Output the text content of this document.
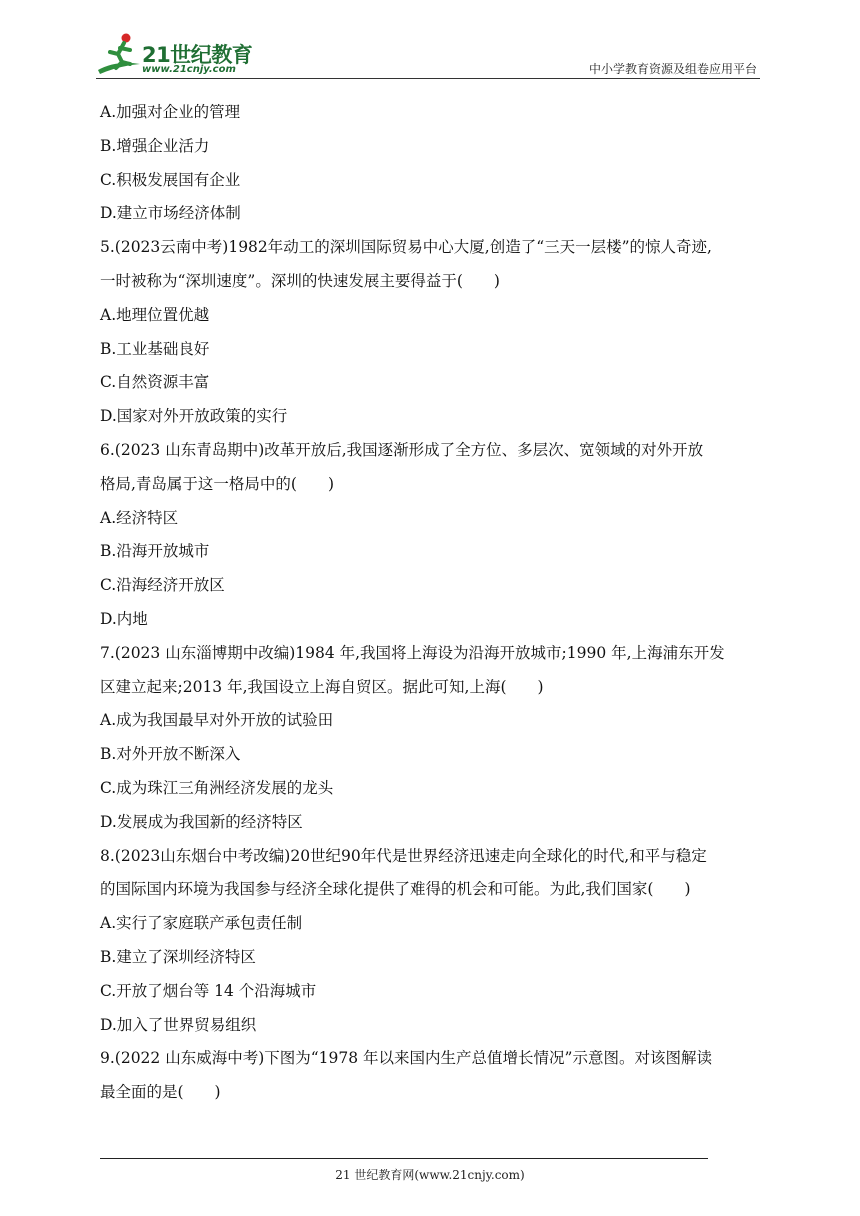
21世纪教育
www.21cnjy.com	中小学教育资源及组卷应用平台
A.加强对企业的管理
B.增强企业活力
C.积极发展国有企业
D.建立市场经济体制
5.(2023云南中考)1982年动工的深圳国际贸易中心大厦,创造了“三天一层楼”的惊人奇迹,
一时被称为“深圳速度”。深圳的快速发展主要得益于(　　)
A.地理位置优越
B.工业基础良好
C.自然资源丰富
D.国家对外开放政策的实行
6.(2023 山东青岛期中)改革开放后,我国逐渐形成了全方位、多层次、宽领域的对外开放
格局,青岛属于这一格局中的(　　)
A.经济特区
B.沿海开放城市
C.沿海经济开放区
D.内地
7.(2023 山东淄博期中改编)1984 年,我国将上海设为沿海开放城市;1990 年,上海浦东开发
区建立起来;2013 年,我国设立上海自贸区。据此可知,上海(　　)
A.成为我国最早对外开放的试验田
B.对外开放不断深入
C.成为珠江三角洲经济发展的龙头
D.发展成为我国新的经济特区
8.(2023山东烟台中考改编)20世纪90年代是世界经济迅速走向全球化的时代,和平与稳定
的国际国内环境为我国参与经济全球化提供了难得的机会和可能。为此,我们国家(　　)
A.实行了家庭联产承包责任制
B.建立了深圳经济特区
C.开放了烟台等 14 个沿海城市
D.加入了世界贸易组织
9.(2022 山东威海中考)下图为“1978 年以来国内生产总值增长情况”示意图。对该图解读
最全面的是(　　)
21 世纪教育网(www.21cnjy.com)
